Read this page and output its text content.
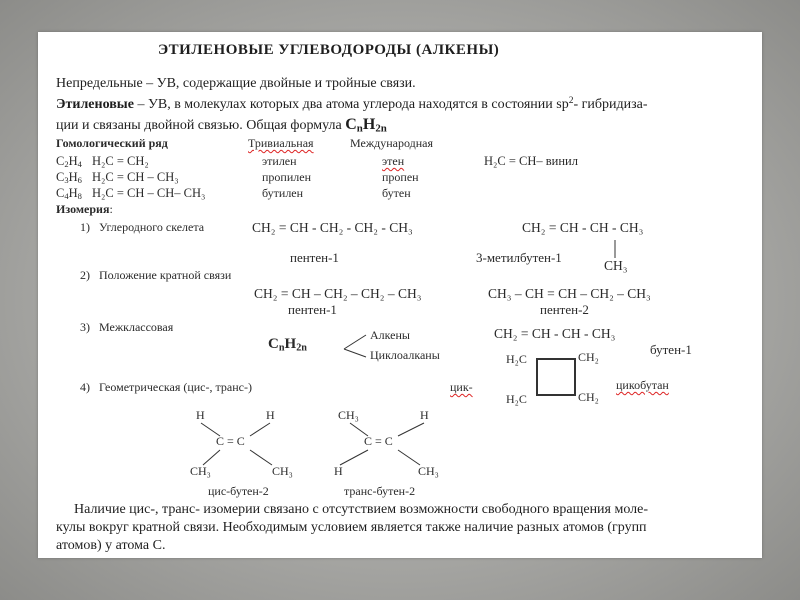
ЭТИЛЕНОВЫЕ УГЛЕВОДОРОДЫ (АЛКЕНЫ)
Непредельные – УВ, содержащие двойные и тройные связи.
Этиленовые – УВ, в молекулах которых два атома углерода находятся в состоянии $sp^2-$ гибридиза-
ции и связаны двойной связью. Общая формула $C_nH_{2n}$
Гомологический ряд	Тривиальная	Международная
$C_2H_4$ H₂C = CH₂	этилен	этен	H₂C = CH– винил
$C_3H_6$ H₂C = CH – CH₃	пропилен	пропен
$C_4H_8$ H₂C = CH – CH– CH₃	бутилен	бутен
Изомерия:
1) Углеродного скелета	CH₂ = CH - CH₂ - CH₂ - CH₃
пентен-1
CH₂ = CH - CH - CH₃
CH₃
3-метилбутен-1
2) Положение кратной связи
CH₂ = CH – CH₂ – CH₂ – CH₃
пентен-1
CH₃ – CH = CH – CH₂ – CH₃
пентен-2
3) Межклассовая
$C_nH_{2n}$
Алкены
Циклоалканы
CH₂ = CH - CH - CH₃
бутен-1
H₂C	CH₂
H₂C	CH₂
цикобутан
4) Геометрическая (цис-, транс-)	цик-
H	H
C = C
CH₃	CH₃
цис-бутен-2
CH₃	H
C = C
H	CH₃
транс-бутен-2
Наличие цис-, транс- изомерии связано с отсутствием возможности свободного вращения моле-
кулы вокруг кратной связи. Необходимым условием является также наличие разных атомов (групп
атомов) у атома С.
